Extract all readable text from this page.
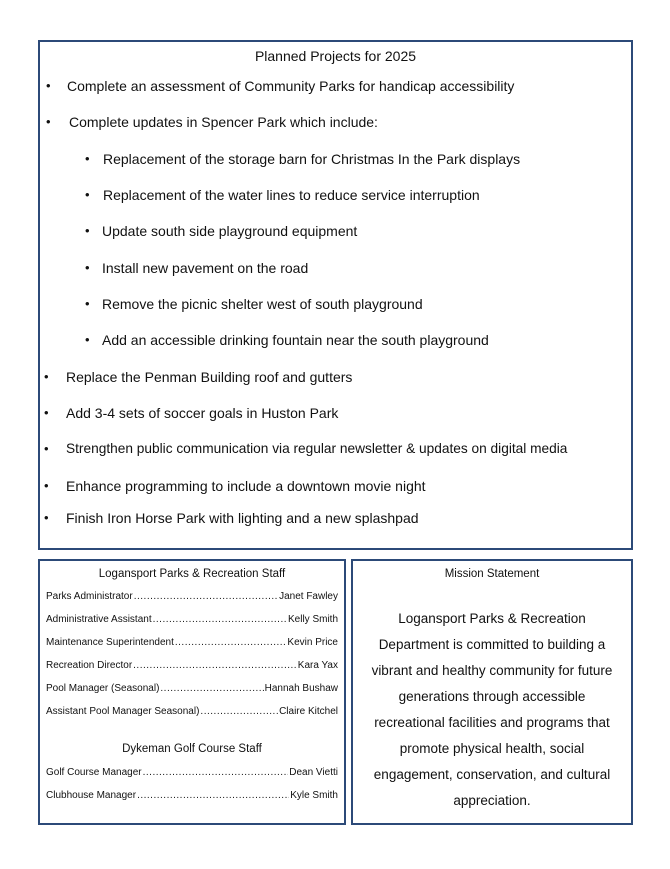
Planned Projects for 2025
• Complete an assessment of Community Parks for handicap accessibility
• Complete updates in Spencer Park which include:
• Replacement of the storage barn for Christmas In the Park displays
• Replacement of the water lines to reduce service interruption
• Update south side playground equipment
• Install new pavement on the road
• Remove the picnic shelter west of south playground
• Add an accessible drinking fountain near the south playground
• Replace the Penman Building roof and gutters
• Add 3-4 sets of soccer goals in Huston Park
• Strengthen public communication via regular newsletter & updates on digital media
• Enhance programming to include a downtown movie night
• Finish Iron Horse Park with lighting and a new splashpad
Logansport Parks & Recreation Staff
Parks Administrator .....	Janet Fawley
Administrative Assistant .....	Kelly Smith
Maintenance Superintendent .....	Kevin Price
Recreation Director .....	Kara Yax
Pool Manager (Seasonal) .....	Hannah Bushaw
Assistant Pool Manager Seasonal) .....	Claire Kitchel
Dykeman Golf Course Staff
Golf Course Manager .....	Dean Vietti
Clubhouse Manager .....	Kyle Smith
Mission Statement
Logansport Parks & Recreation Department is committed to building a vibrant and healthy community for future generations through accessible recreational facilities and programs that promote physical health, social engagement, conservation, and cultural appreciation.
